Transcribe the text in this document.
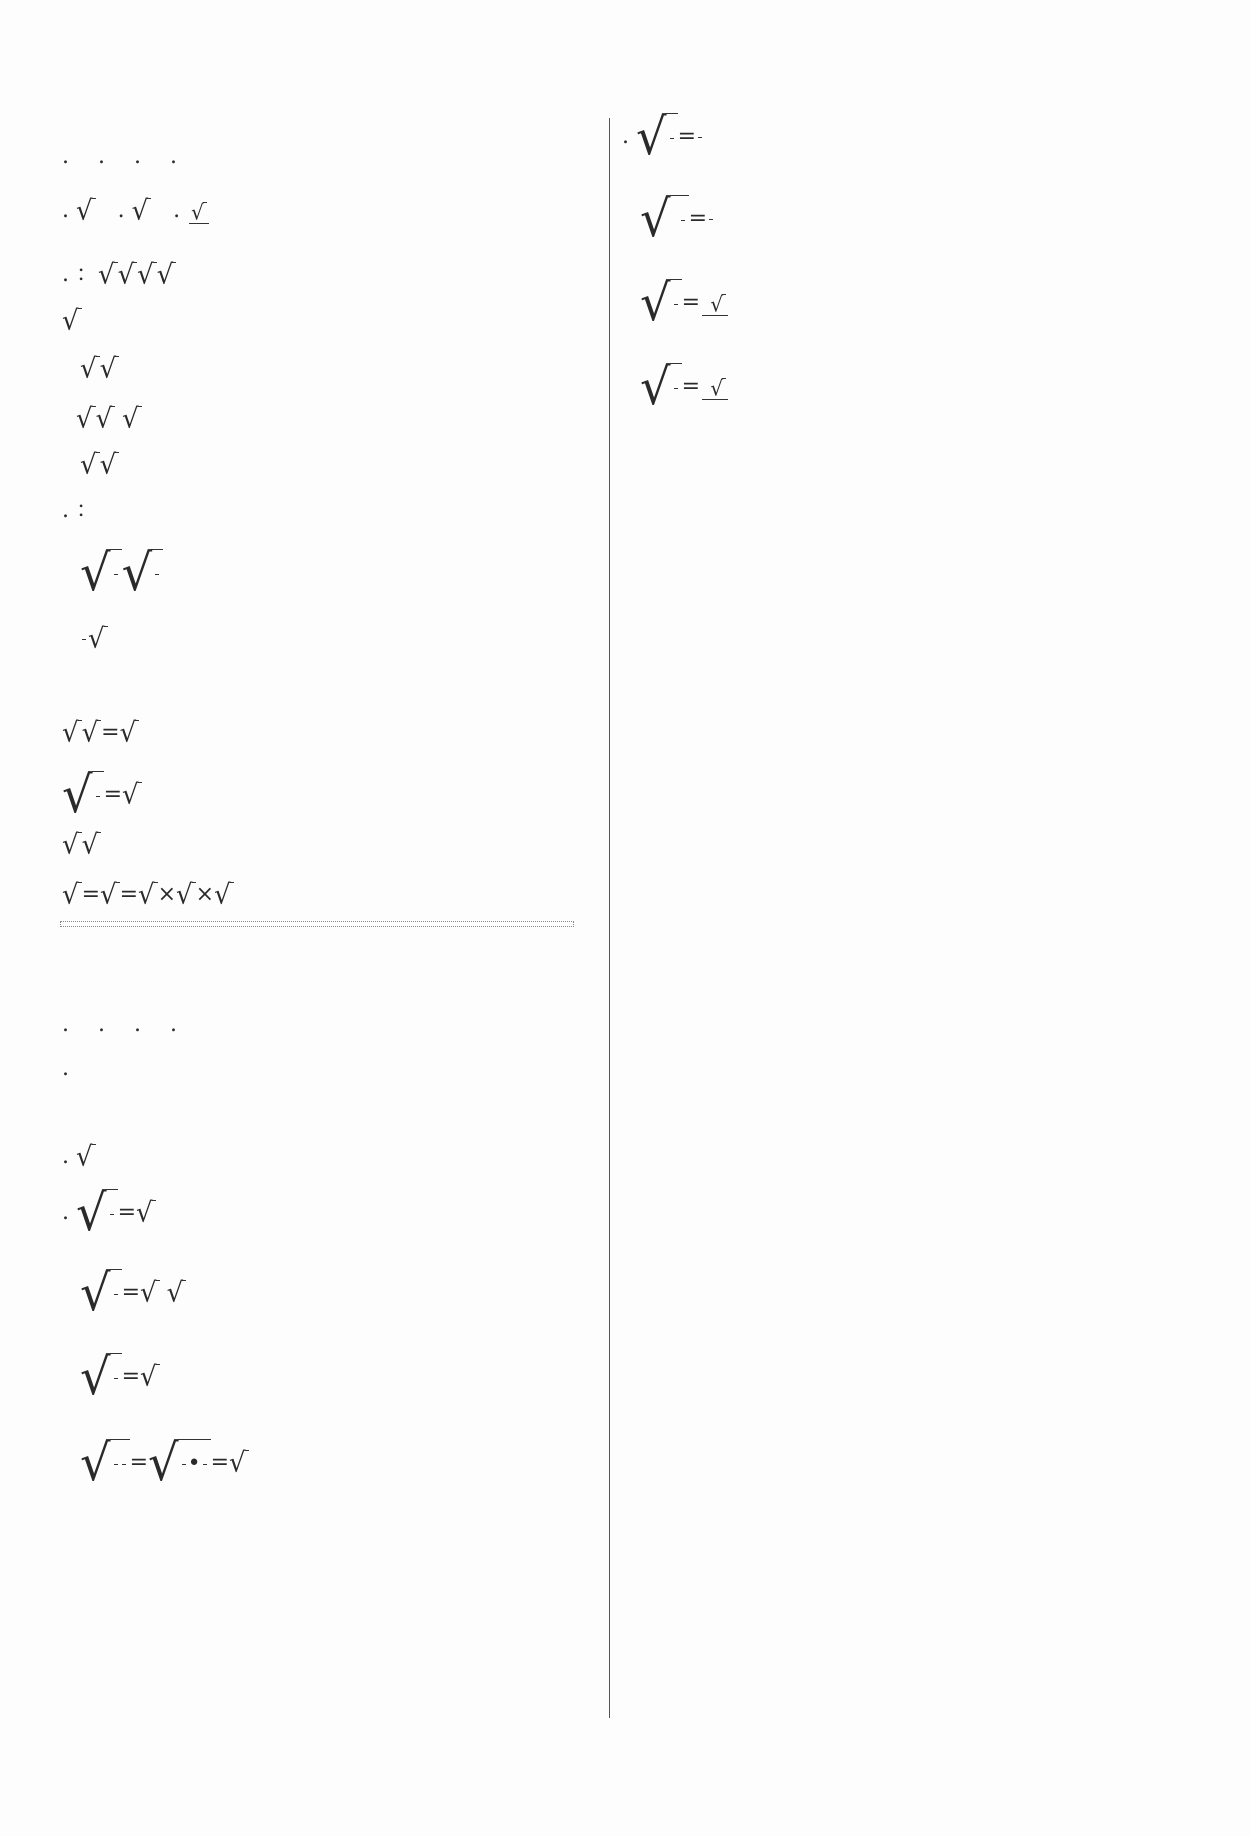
.
.
.
.
. √ . √ . √
.
： √ √ √ √
√
√ √
√ √
√
√ √
.
：
√ √
√
√ √ = √
√ = √
√ √
√ = √ = √ × √ × √
.
.
.
.
.
. √
. √ = √
√ = √
√
√ = √
√ = √ • = √
. √ =
√
=
√ =
√
√ =
√
